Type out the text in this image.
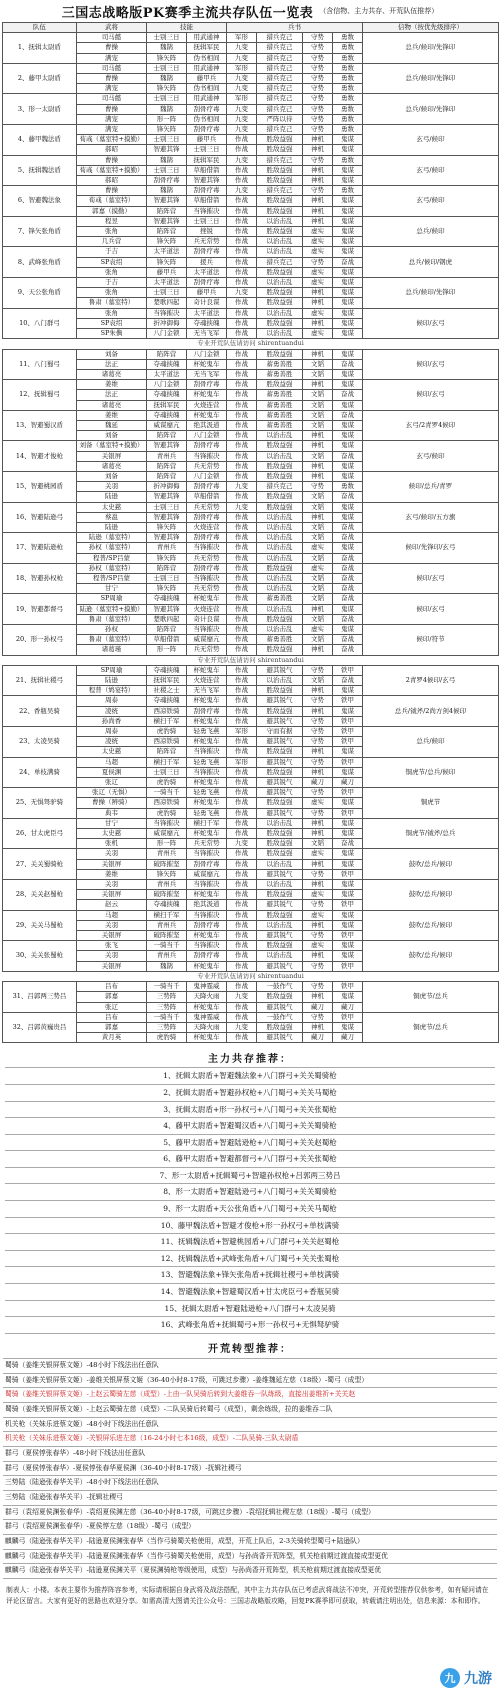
三国志战略版PK赛季主流共存队伍一览表 （含信物、主力共存、开荒队伍推荐）
队伍	武将	技能		兵书				信物（按优先级排序）
1、抚辑太尉盾	司马懿	士别三日	用武通神	军形	措兵克己	守势	勇数	总兵/候印/先锋印
	曹操	魏鹊	抚辑军民	九变	措兵克己	守势	勇数	
	满宠	锋矢阵	伪书相间	九变	措兵克己	守势	勇数	
2、藤甲太尉盾	司马懿	士别三日	用武通神	军形	措兵克己	守势	勇数	总兵/候印/先锋印
	曹操	魏鹊	藤甲兵	九变	措兵克己	守势	勇数	
	满宠	锋矢阵	伪书相间	九变	措兵克己	守势	勇数	
3、形一太尉盾	司马懿	士别三日	用武通神	军形	措兵克己	守势	勇数	总兵/候印/先锋印
	曹操	魏鹊	刮骨疗毒	九变	措兵克己	守势	勇数	
	满宠	形一阵	伪书相间	九变	严阵以待	守势	勇数	
4、藤甲魏法盾	满宠	锋矢阵	刮骨疗毒	九变	措兵克己	守势	勇数	玄弓/候印
	荀彧（墓室特+摸勤）	士别三日	藤甲兵	作战	胜敌益强	神机	鬼谋	
	郝昭	智避其锋	士别三日	作战	胜敌益强	神机	鬼谋	
5、抚辑魏法盾	曹操	魏鹊	抚辑军民	九变	措兵克己	守势	勇数	玄弓/候印
	荀彧（墓室特+摸勤）	士别三日	草船借箭	作战	胜敌益强	神机	鬼谋	
	郝昭	刮骨疗毒	智避其锋	作战	胜敌益强	神机	鬼谋	
6、智避魏法象	曹操	魏鹊	刮骨疗毒	九变	措兵克己	守势	勇数	玄弓/候印
	荀彧（墓室特）	智避其锋	草船借箭	作战	胜敌益强	神机	鬼谋	
	郭嘉（摸勤）	陷阵营	当锋摧决	作战	胜敌益强	神机	鬼谋	
7、锋矢张角盾	程昱	智避其锋	士别三日	作战	以治击乱	神机	鬼谋	总兵/候印
	张角	陷阵营	挫锐	作战	胜敌益强	虚实	鬼谋	
	几兵营	锋矢阵	兵无常势	作战	以治击乱	虚实	鬼谋	
8、武峰张角盾	于吉	太平道法	刮骨疗毒	作战	以治击乱	虚实	鬼谋	总兵/候印/钢虎
	SP袁绍	锋矢阵	援兵	作战	措兵克己	守势	奋战	
	张角	藤甲兵	太平道法	作战	胜敌益强	虚实	鬼谋	
9、天公张角盾	于吉	太平道法	刮骨疗毒	作战	以治击乱	虚实	鬼谋	总兵/候印/先锋印
	张角	士别三日	藤甲兵	九变	胜敌益强	神机	鬼谋	
	鲁肃（墓室特）	楚歌四起	奇计良谋	作战	胜敌益强	神机	鬼谋	
10、八门群弓	张角	当锋摧决	太平道法	作战	以治击乱	虚实	鬼谋	候印/玄弓
	SP袁绍	折冲御侮	夺魂挟魄	作战	胜敌益强	神机	鬼谋	
	SP朱儁	八门金锁	无当飞军	作战	以治击乱	虚实	鬼谋	
专业开荒队伍请访问 shirentuandui								
11、八门蜀弓	刘备	陷阵营	八门金锁	作战	胜敌益强	神机	鬼谋	候印/玄弓
	法正	夺魂挟魄	杯蛇鬼车	作战	蓄勇善胜	文韬	奋战	
	诸葛亮	太平道法	无当飞军	作战	蓄勇善胜	文韬	鬼谋	
12、抚辑蜀弓	姜维	八门金锁	刮骨疗毒	作战	胜敌益强	神机	鬼谋	候印/玄弓
	法正	夺魂挟魄	杯蛇鬼车	作战	蓄勇善胜	文韬	奋战	
	诸葛亮	抚辑军民	火烧连营	作战	蓄勇善胜	文韬	鬼谋	
13、智避蜀汉盾	姜维	夺魂挟魄	杯蛇鬼车	作战	蓄勇善胜	文韬	奋战	玄弓/2青罗4候印
	魏延	威谋靡亢	绝其汲道	作战	蓄勇善胜	文韬	鬼谋	
	刘备	陷阵营	八门金锁	作战	以治击乱	神机	鬼谋	
14、智避才俊枪	刘备（墓室特+摸勤）	智避其锋	刮骨疗毒	作战	胜敌益强	神机	鬼谋	玄弓/候印
	关银屏	青州兵	当锋摧决	作战	以治击乱	文韬	奋战	
	诸葛亮	陷阵营	兵无常势	作战	胜敌益强	神机	鬼谋	
15、智避桃园盾	刘备	陷阵营	八门金锁	作战	胜敌益强	神机	鬼谋	候印/总兵/青罗
	关羽	折冲御侮	刮骨疗毒	九变	措兵克己	守势	勇数	
	陆逊	智避其锋	草船借箭	作战	胜敌益强	文韬	奋战	
16、智避陆逊弓	太史慈	士别三日	兵无常势	九变	胜敌益强	文韬	鬼谋	玄弓/候印/五方旗
	蔡邕	智避其锋	刮骨疗毒	作战	以治击乱	神机	鬼谋	
	陆逊	锋矢阵	火烧连营	作战	以治击乱	文韬	奋战	
17、智避陆逊枪	陆逊（墓室特）	智避其锋	刮骨疗毒	作战	以治击乱	文韬	奋战	候印/先锋印/玄弓
	孙权（墓室特）	青州兵	当锋摧决	作战	以治击乱	虚实	鬼谋	
	程普/SP吕蒙	锋矢阵	兵无常势	作战	以治击乱	文韬	奋战	
18、智避孙权枪	孙权（墓室特）	陷阵营	刮骨疗毒	作战	胜敌益强	虚实	奋战	候印/玄弓
	程普/SP吕蒙	士别三日	当锋摧决	作战	以治击乱	文韬	奋战	
	甘宁	锋矢阵	兵无常势	作战	以治击乱	文韬	奋战	
19、智避都督弓	SP周瑜	夺魂挟魄	杯蛇鬼车	作战	蓄勇善胜	文韬	奋战	候印/玄弓
	陆逊（墓室特+摸勤）	智避其锋	火烧连营	作战	以治击乱	神机	鬼谋	
	鲁肃（墓室特）	楚歌四起	奇计良谋	作战	胜敌益强	文韬	奋战	
20、形一孙权弓	孙权	陷阵营	当锋摧决	作战	以治击乱	虚实	鬼谋	候印/符节
	鲁肃（墓室特）	草船借箭	威谋靡亢	作战	蓄勇善胜	文韬	奋战	
	诸葛瑾	形一阵	兵无常势	作战	胜敌益强	神机	奋战	
专业开荒队伍请访问 shirentuandui								
21、抚辑社稷弓	SP周瑜	夺魂挟魄	杯蛇鬼车	作战	避其锐气	守势	铁甲	2青罗4候印/玄弓
	陆逊	抚辑军民	火烧连营	作战	以治击乱	文韬	奋战	
	程普（鸩宴特）	社稷之士	无当飞军	作战	胜敌益强	神机	鬼谋	
22、香瓶吴骑	周泰	夺魂挟魄	杯蛇鬼车	作战	避其锐气	守势	铁甲	总兵/钺斧/2尚方剑4候印
	凌统	西凉铁骑	刮骨疗毒	作战	胜敌益强	神机	鬼谋	
	孙尚香	横扫千军	杯蛇鬼车	作战	避其锐气	守势	铁甲	
23、太凌吴骑	周泰	虎豹骑	轻勇飞燕	军形	守而有据	守势	铁甲	总兵/候印
	凌统	西凉铁骑	杯蛇鬼车	作战	避其锐气	守势	铁甲	
	太史慈	陷阵营	当锋摧决	作战	胜敌益强	神机	鬼谋	
24、单枝满骑	马超	横扫千军	轻勇飞燕	军形	避其锐气	守势	铁甲	铜虎节/总兵/候印
	夏侯渊	士别三日	当锋摧决	作战	胜敌益强	神机	鬼谋	
	张辽	虎豹骑	杯蛇鬼车	作战	避其锐气	藏刀	藏刀	
25、无惧驽驴骑	张辽（无惧）	一骑当千	轻勇飞燕	作战	避其锐气	守势	铁甲	铜虎节
	曹操（辨骑）	西凉铁骑	杯蛇鬼车	作战	胜敌益强	虚实	鬼谋	
	典韦	虎豹骑	轻勇飞燕	作战	避其锐气	守势	铁甲	
26、甘太虎臣弓	甘宁	当锋摧决	横扫千军	作战	以治击乱	神机	鬼谋	铜虎节/钺斧/总兵
	太史慈	威谋靡亢	杯蛇鬼车	作战	胜敌益强	神机	鬼谋	
	张机	形一阵	兵无常势	九变	胜敌益强	文韬	奋战	
27、关关蜀骑枪	关羽	青州兵	当锋摧决	作战	胜敌益强	虚实	鬼谋	鼓吹/总兵/候印
	关银屏	破阵摧坚	刮骨疗毒	作战	以治击乱	神机	鬼谋	
	姜维	锋矢阵	威谋靡亢	作战	避其锐气	守势	铁甲	
28、关关赵蜀枪	关羽	青州兵	当锋摧决	作战	以治击乱	神机	鬼谋	鼓吹/总兵/候印
	关银屏	破阵摧坚	杯蛇鬼车	作战	胜敌益强	虚实	鬼谋	
	赵云	夺魂挟魄	绝其汲道	作战	避其锐气	守势	铁甲	
29、关关马蜀枪	马超	横扫千军	当锋摧决	作战	胜敌益强	虚实	鬼谋	鼓吹/总兵/候印
	关羽	青州兵	刮骨疗毒	作战	以治击乱	神机	鬼谋	
	关银屏	破阵摧坚	杯蛇鬼车	作战	避其锐气	守势	铁甲	
30、关关张蜀枪	张飞	一骑当千	当锋摧决	作战	胜敌益强	虚实	鬼谋	鼓吹/总兵/候印
	关羽	青州兵	刮骨疗毒	作战	以治击乱	神机	鬼谋	
	关银屏	魏鹊	杯蛇鬼车	作战	避其锐气	守势	铁甲	
专业开荒队伍请访问 shirentuandui								
31、吕郭两三势吕	吕布	一骑当千	鬼神霆威	作战	一鼓作气	守势	铁甲	铜虎节/总兵
	郭嘉	三势阵	天降火雨	九变	胜敌益强	神机	鬼谋	
	张辽	三势阵	杯蛇鬼车	作战	避其锐气	藏刀	藏刀	
32、吕郭黄巍贵吕	吕布	一骑当千	鬼神霆威	作战	一鼓作气	守势	铁甲	铜虎节/总兵
	郭嘉	三势阵	天降火雨	九变	胜敌益强	神机	鬼谋	
	黄月英	虎豹骑	杯蛇鬼车	作战	避其锐气	藏刀	藏刀	
主力共存推荐：
1、抚辑太尉盾+智避魏法象+八门群弓+关关蜀骑枪
2、抚辑太尉盾+智避孙权枪+八门蜀弓+关关马蜀枪
3、抚辑太尉盾+形一孙权弓+八门蜀弓+关关张蜀枪
4、藤甲太尉盾+智避蜀汉盾+八门蜀弓+关关蜀骑枪
5、藤甲太尉盾+智避陆逊枪+八门蜀弓+关关赵蜀枪
6、藤甲太尉盾+智避都督弓+八门群弓+关关张蜀枪
7、形一太尉盾+抚辑蜀弓+智避孙权枪+吕郭两三势吕
8、形一太尉盾+智避陆逊弓+八门蜀弓+关关蜀骑枪
9、形一太尉盾+天公张角盾+八门蜀弓+关关马蜀枪
10、藤甲魏法盾+智避才俊枪+形一孙权弓+单枝满骑
11、抚辑魏法盾+智避桃园盾+八门群弓+关关赵蜀枪
12、抚辑魏法盾+武峰张角盾+八门蜀弓+关关张蜀枪
13、智避魏法象+锋矢张角盾+抚辑社稷弓+单枝满骑
14、智避魏法象+智避蜀汉盾+甘太虎臣弓+香瓶吴骑
15、抚辑太尉盾+智避陆逊枪+八门群弓+太凌吴骑
16、武峰张角盾+抚辑蜀弓+形一孙权弓+无惧驽驴骑
开荒转型推荐：
蜀骑（姜维关银屏蔡文姬）-48小时下线法出任意队
蜀骑（姜维关银屏蔡文姬）-姜维关银屏蔡文姬（36-40小时8-17级，可跳过步骤）-姜维魏延左慈（18级）-蜀弓（成型）
蜀骑（姜维关银屏蔡文姬）-上赵云蜀骑左慈（成型）-上由一队吴骑后转到大姜维吞一队练级，直接出姜维祈+关关赵
蜀骑（姜维关银屏蔡文姬）-上赵云蜀骑左慈（成型）-二队吴骑后转蜀弓（成型），剩余练级，拉的姜维吞二队
机关枪（关妹乐进蔡文姬）-48小时下线法出任意队
机关枪（关妹乐进蔡文姬）-关银屏乐进左慈（16-24小时七本16级，成型）-二队吴骑-三队太尉盾
群弓（夏侯惇张春华）-48小时下线法出任意队
群弓（夏侯惇张春华）-夏侯惇张春华夏侯渊（36-40小时8-17级）-抚辑社稷弓
三势陆（陆逊张春华关平）-48小时下线法出任意队
三势陆（陆逊张春华关平）-抚辑社稷弓
群弓（袁绍夏侯渊张春华）-袁绍夏侯渊左慈（36-40小时8-17级，可跳过步骤）-袁绍抚辑社稷左慈（18级）-蜀弓（成型）
群弓（袁绍夏侯渊张春华）-夏侯惇左慈（18级）-蜀弓（成型）
麒麟弓（陆逊张春华关平）-陆逊夏侯渊张春华（当作弓骑蜀关枪使用，成型，开荒上队后，2-3关骑转型蜀弓+陆逊队）
麒麟弓（陆逊张春华关平）-陆逊夏侯渊张春华（当作弓骑蜀关枪使用，成型）与孙尚香开荒阵型，机关枪前期过渡直接成型更优
麒麟弓（陆逊张春华关平）-陆逊夏侯渊关平（夏侯渊骑枪等级使用，成型）与孙尚香开荒阵型，机关枪前期过渡直接成型更优
制表人：小楼。本表主要作为推荐阵容参考，实际请根据自身武将及战法搭配，其中主力共存队伍已考虑武将战法不冲突，开荒转型推荐仅供参考，如有疑问请在评论区留言。大家有更好的思路也欢迎分享。如需高清大图请关注公众号：三国志战略版攻略，回复PK赛季即可获取，转载请注明出处，信息来源：本和即作。
九 九游
